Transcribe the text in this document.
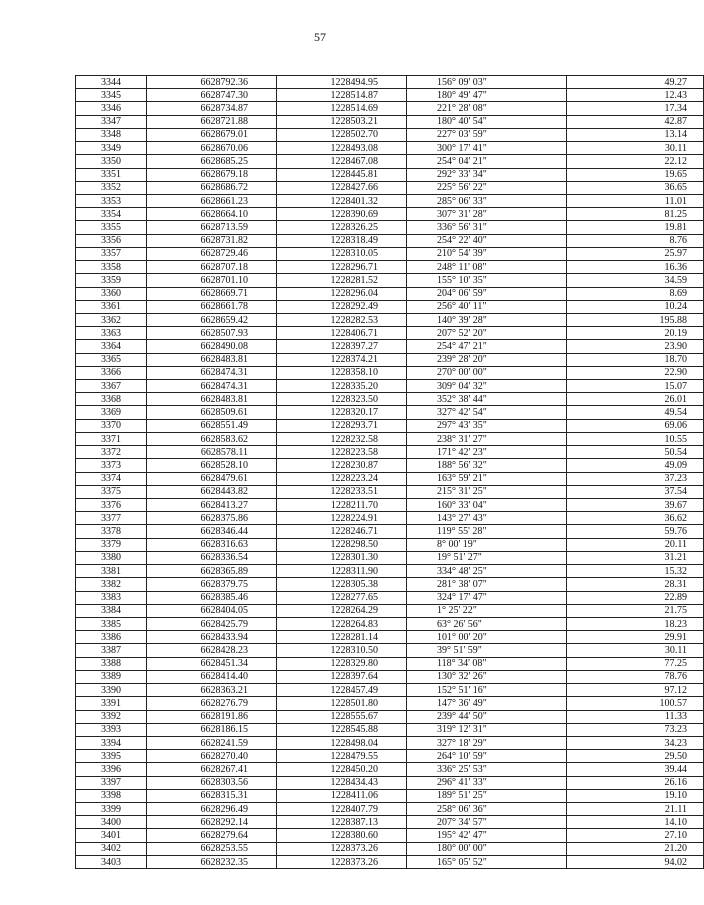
57
3344	6628792.36	1228494.95	156° 09' 03"	49.27
3345	6628747.30	1228514.87	180° 49' 47"	12.43
3346	6628734.87	1228514.69	221° 28' 08"	17.34
3347	6628721.88	1228503.21	180° 40' 54"	42.87
3348	6628679.01	1228502.70	227° 03' 59"	13.14
3349	6628670.06	1228493.08	300° 17' 41"	30.11
3350	6628685.25	1228467.08	254° 04' 21"	22.12
3351	6628679.18	1228445.81	292° 33' 34"	19.65
3352	6628686.72	1228427.66	225° 56' 22"	36.65
3353	6628661.23	1228401.32	285° 06' 33"	11.01
3354	6628664.10	1228390.69	307° 31' 28"	81.25
3355	6628713.59	1228326.25	336° 56' 31"	19.81
3356	6628731.82	1228318.49	254° 22' 40"	8.76
3357	6628729.46	1228310.05	210° 54' 39"	25.97
3358	6628707.18	1228296.71	248° 11' 08"	16.36
3359	6628701.10	1228281.52	155° 10' 35"	34.59
3360	6628669.71	1228296.04	204° 06' 59"	8.69
3361	6628661.78	1228292.49	256° 40' 11"	10.24
3362	6628659.42	1228282.53	140° 39' 28"	195.88
3363	6628507.93	1228406.71	207° 52' 20"	20.19
3364	6628490.08	1228397.27	254° 47' 21"	23.90
3365	6628483.81	1228374.21	239° 28' 20"	18.70
3366	6628474.31	1228358.10	270° 00' 00"	22.90
3367	6628474.31	1228335.20	309° 04' 32"	15.07
3368	6628483.81	1228323.50	352° 38' 44"	26.01
3369	6628509.61	1228320.17	327° 42' 54"	49.54
3370	6628551.49	1228293.71	297° 43' 35"	69.06
3371	6628583.62	1228232.58	238° 31' 27"	10.55
3372	6628578.11	1228223.58	171° 42' 23"	50.54
3373	6628528.10	1228230.87	188° 56' 32"	49.09
3374	6628479.61	1228223.24	163° 59' 21"	37.23
3375	6628443.82	1228233.51	215° 31' 25"	37.54
3376	6628413.27	1228211.70	160° 33' 04"	39.67
3377	6628375.86	1228224.91	143° 27' 43"	36.62
3378	6628346.44	1228246.71	119° 55' 28"	59.76
3379	6628316.63	1228298.50	8° 00' 19"	20.11
3380	6628336.54	1228301.30	19° 51' 27"	31.21
3381	6628365.89	1228311.90	334° 48' 25"	15.32
3382	6628379.75	1228305.38	281° 38' 07"	28.31
3383	6628385.46	1228277.65	324° 17' 47"	22.89
3384	6628404.05	1228264.29	1° 25' 22"	21.75
3385	6628425.79	1228264.83	63° 26' 56"	18.23
3386	6628433.94	1228281.14	101° 00' 20"	29.91
3387	6628428.23	1228310.50	39° 51' 59"	30.11
3388	6628451.34	1228329.80	118° 34' 08"	77.25
3389	6628414.40	1228397.64	130° 32' 26"	78.76
3390	6628363.21	1228457.49	152° 51' 16"	97.12
3391	6628276.79	1228501.80	147° 36' 49"	100.57
3392	6628191.86	1228555.67	239° 44' 50"	11.33
3393	6628186.15	1228545.88	319° 12' 31"	73.23
3394	6628241.59	1228498.04	327° 18' 29"	34.23
3395	6628270.40	1228479.55	264° 10' 59"	29.50
3396	6628267.41	1228450.20	336° 25' 53"	39.44
3397	6628303.56	1228434.43	296° 41' 33"	26.16
3398	6628315.31	1228411.06	189° 51' 25"	19.10
3399	6628296.49	1228407.79	258° 06' 36"	21.11
3400	6628292.14	1228387.13	207° 34' 57"	14.10
3401	6628279.64	1228380.60	195° 42' 47"	27.10
3402	6628253.55	1228373.26	180° 00' 00"	21.20
3403	6628232.35	1228373.26	165° 05' 52"	94.02
